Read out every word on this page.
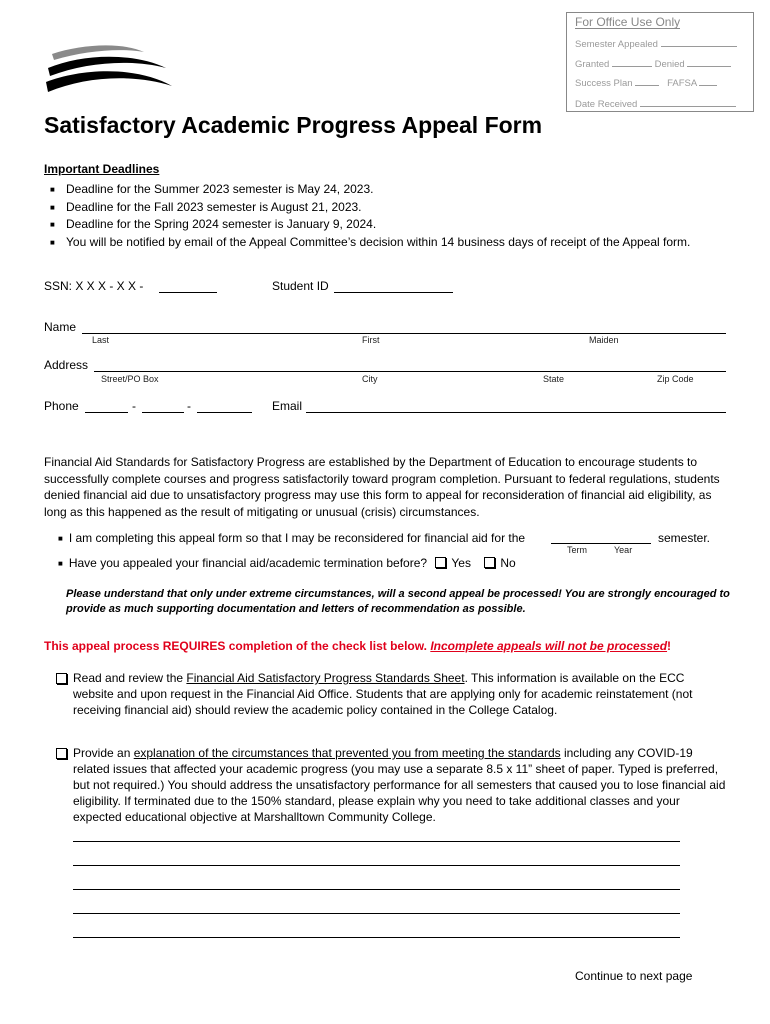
For Office Use Only
Semester Appealed
Granted	Denied
Success Plan	FAFSA
Date Received
Satisfactory Academic Progress Appeal Form
Important Deadlines
■ Deadline for the Summer 2023 semester is May 24, 2023.
■ Deadline for the Fall 2023 semester is August 21, 2023.
■ Deadline for the Spring 2024 semester is January 9, 2024.
■ You will be notified by email of the Appeal Committee’s decision within 14 business days of receipt of the Appeal form.
SSN: X X X - X X -	Student ID
Name
Last	First	Maiden
Address
Street/PO Box	City	State	Zip Code
Phone	-	-	Email
Financial Aid Standards for Satisfactory Progress are established by the Department of Education to encourage students to successfully complete courses and progress satisfactorily toward program completion. Pursuant to federal regulations, students denied financial aid due to unsatisfactory progress may use this form to appeal for reconsideration of financial aid eligibility, as long as this happened as the result of mitigating or unusual (crisis) circumstances.
■ I am completing this appeal form so that I may be reconsidered for financial aid for the	semester.
Term	Year
■ Have you appealed your financial aid/academic termination before? Yes No
Please understand that only under extreme circumstances, will a second appeal be processed! You are strongly encouraged to provide as much supporting documentation and letters of recommendation as possible.
This appeal process REQUIRES completion of the check list below. Incomplete appeals will not be processed!
Read and review the Financial Aid Satisfactory Progress Standards Sheet. This information is available on the ECC website and upon request in the Financial Aid Office. Students that are applying only for academic reinstatement (not receiving financial aid) should review the academic policy contained in the College Catalog.
Provide an explanation of the circumstances that prevented you from meeting the standards including any COVID-19 related issues that affected your academic progress (you may use a separate 8.5 x 11” sheet of paper. Typed is preferred, but not required.) You should address the unsatisfactory performance for all semesters that caused you to lose financial aid eligibility. If terminated due to the 150% standard, please explain why you need to take additional classes and your expected educational objective at Marshalltown Community College.
Continue to next page
